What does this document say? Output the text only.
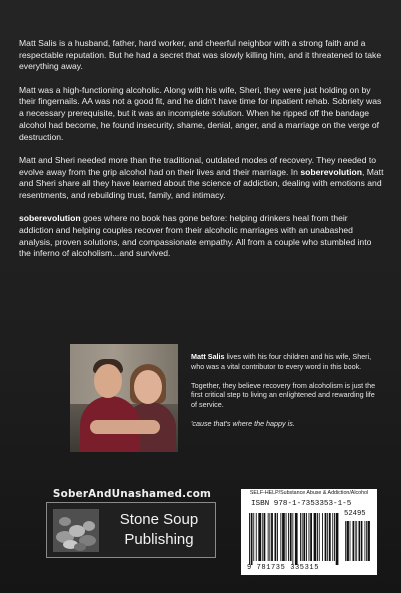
Matt Salis is a husband, father, hard worker, and cheerful neighbor with a strong faith and a respectable reputation. But he had a secret that was slowly killing him, and it threatened to take everything away.

Matt was a high-functioning alcoholic. Along with his wife, Sheri, they were just holding on by their fingernails. AA was not a good fit, and he didn't have time for inpatient rehab. Sobriety was a necessary prerequisite, but it was an incomplete solution. When he ripped off the bandage alcohol had become, he found insecurity, shame, denial, anger, and a marriage on the verge of destruction.

Matt and Sheri needed more than the traditional, outdated modes of recovery. They needed to evolve away from the grip alcohol had on their lives and their marriage. In soberevolution, Matt and Sheri share all they have learned about the science of addiction, dealing with emotions and resentments, and rebuilding trust, family, and intimacy.

soberevolution goes where no book has gone before: helping drinkers heal from their addiction and helping couples recover from their alcoholic marriages with an unabashed analysis, proven solutions, and compassionate empathy. All from a couple who stumbled into the inferno of alcoholism...and survived.

Matt Salis lives with his four children and his wife, Sheri, who was a vital contributor to every word in this book.

Together, they believe recovery from alcoholism is just the first critical step to living an enlightened and rewarding life of service.

'cause that's where the happy is.

SoberAndUnashamed.com
Stone Soup
Publishing
SELF-HELP/Substance Abuse & Addiction/Alcohol
ISBN 978-1-7353353-1-5
52495
9 781735 335315
